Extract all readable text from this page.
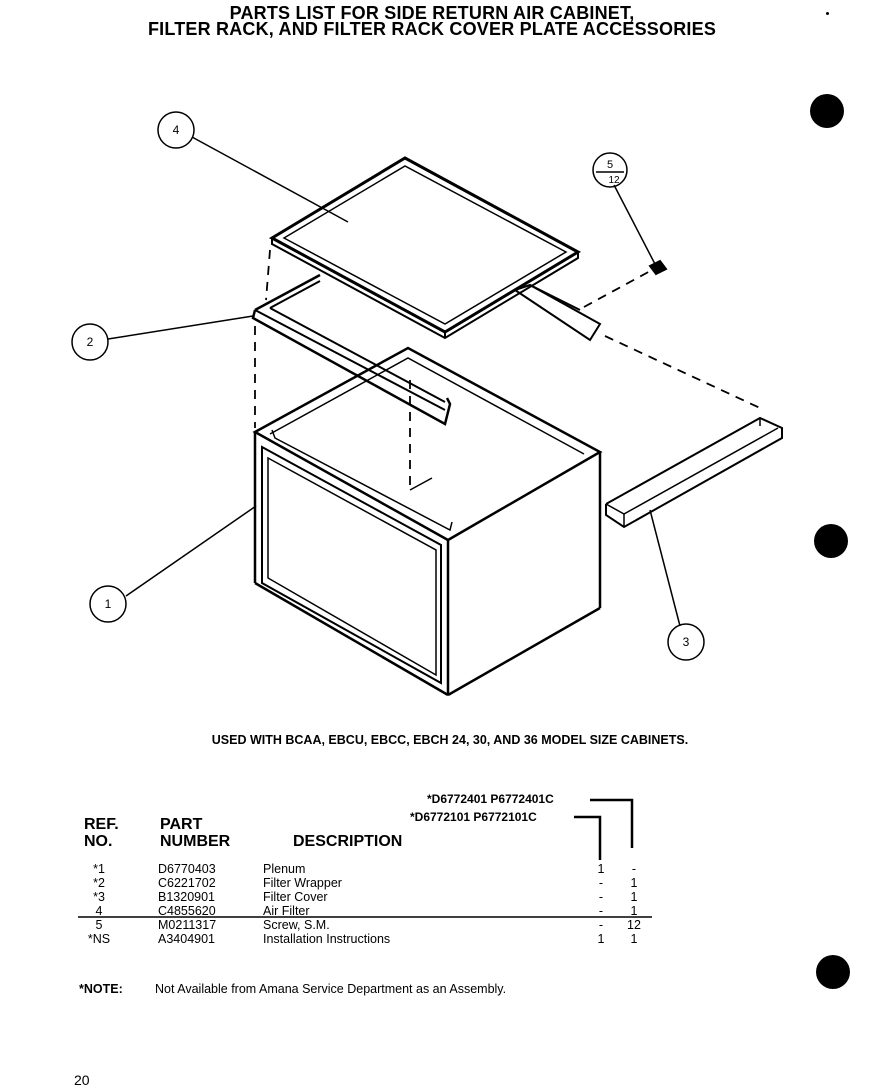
PARTS LIST FOR SIDE RETURN AIR CABINET,
FILTER RACK, AND FILTER RACK COVER PLATE ACCESSORIES
4
2
1
3
5
12
USED WITH BCAA, EBCU, EBCC, EBCH 24, 30, AND 36 MODEL SIZE CABINETS.
*D6772401 P6772401C
*D6772101 P6772101C
REF.
NO.
PART
NUMBER	DESCRIPTION
*1	D6770403	Plenum	1	-
*2	C6221702	Filter Wrapper	-	1
*3	B1320901	Filter Cover	-	1
4	C4855620	Air Filter	-	1
5	M0211317	Screw, S.M.	-	12
*NS	A3404901	Installation Instructions	1 1
*NOTE:	Not Available from Amana Service Department as an Assembly.
20
